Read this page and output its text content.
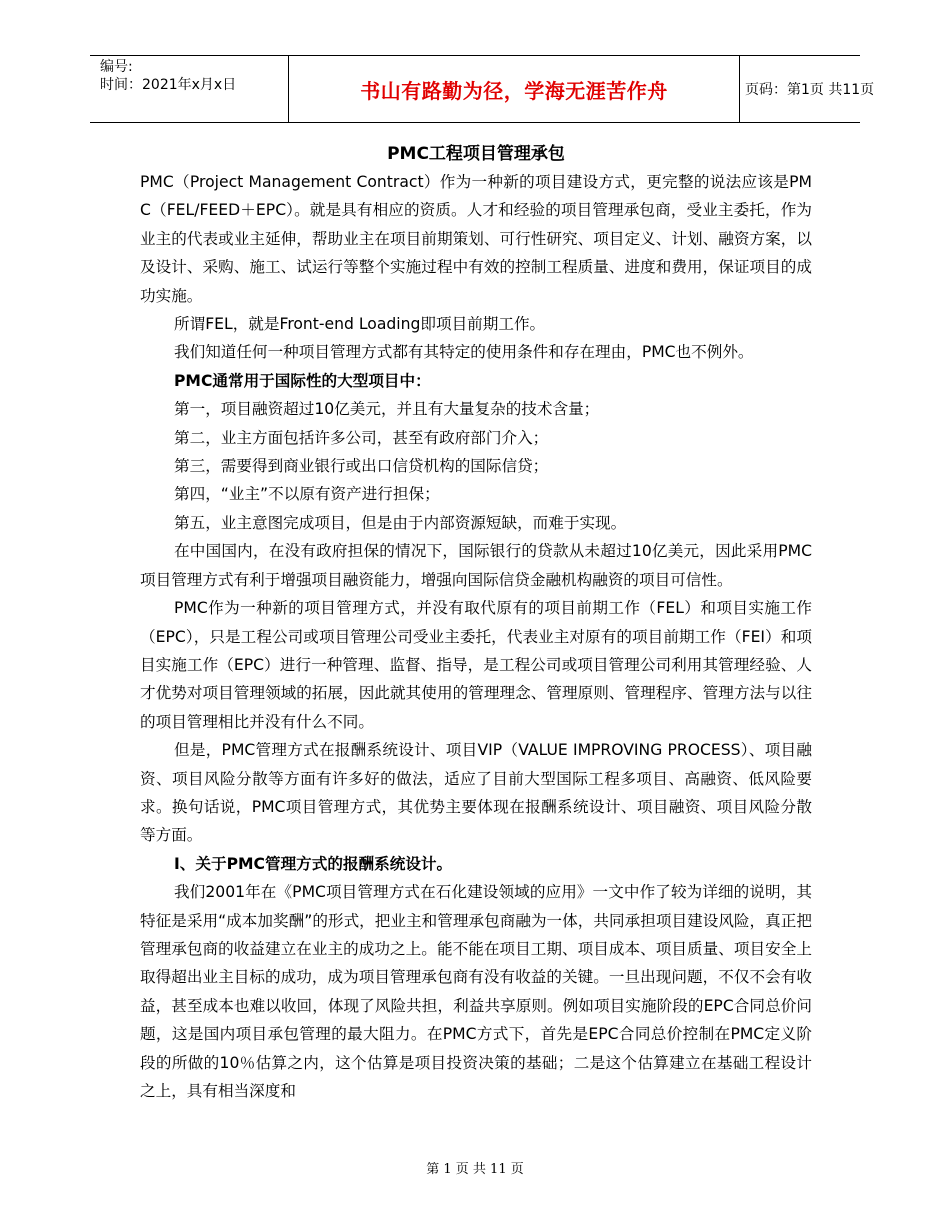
编号:
时间：2021年x月x日	书山有路勤为径，学海无涯苦作舟	页码：第1页 共11页
PMC工程项目管理承包

PMC（Project Management Contract）作为一种新的项目建设方式，更完整的说法应该是PMC（FEL/FEED＋EPC）。就是具有相应的资质。人才和经验的项目管理承包商，受业主委托，作为业主的代表或业主延伸，帮助业主在项目前期策划、可行性研究、项目定义、计划、融资方案，以及设计、采购、施工、试运行等整个实施过程中有效的控制工程质量、进度和费用，保证项目的成功实施。

所谓FEL，就是Front-end Loading即项目前期工作。

我们知道任何一种项目管理方式都有其特定的使用条件和存在理由，PMC也不例外。

PMC通常用于国际性的大型项目中：

第一，项目融资超过10亿美元，并且有大量复杂的技术含量；

第二，业主方面包括许多公司，甚至有政府部门介入；

第三，需要得到商业银行或出口信贷机构的国际信贷；

第四，“业主”不以原有资产进行担保；

第五，业主意图完成项目，但是由于内部资源短缺，而难于实现。

在中国国内，在没有政府担保的情况下，国际银行的贷款从未超过10亿美元，因此采用PMC项目管理方式有利于增强项目融资能力，增强向国际信贷金融机构融资的项目可信性。

PMC作为一种新的项目管理方式，并没有取代原有的项目前期工作（FEL）和项目实施工作（EPC），只是工程公司或项目管理公司受业主委托，代表业主对原有的项目前期工作（FEI）和项目实施工作（EPC）进行一种管理、监督、指导，是工程公司或项目管理公司利用其管理经验、人才优势对项目管理领域的拓展，因此就其使用的管理理念、管理原则、管理程序、管理方法与以往的项目管理相比并没有什么不同。

但是，PMC管理方式在报酬系统设计、项目VIP（VALUE IMPROVING PROCESS）、项目融资、项目风险分散等方面有许多好的做法，适应了目前大型国际工程多项目、高融资、低风险要求。换句话说，PMC项目管理方式，其优势主要体现在报酬系统设计、项目融资、项目风险分散等方面。

I、关于PMC管理方式的报酬系统设计。

我们2001年在《PMC项目管理方式在石化建设领域的应用》一文中作了较为详细的说明，其特征是采用“成本加奖酬”的形式，把业主和管理承包商融为一体，共同承担项目建设风险，真正把管理承包商的收益建立在业主的成功之上。能不能在项目工期、项目成本、项目质量、项目安全上取得超出业主目标的成功，成为项目管理承包商有没有收益的关键。一旦出现问题，不仅不会有收益，甚至成本也难以收回，体现了风险共担，利益共享原则。例如项目实施阶段的EPC合同总价问题，这是国内项目承包管理的最大阻力。在PMC方式下，首先是EPC合同总价控制在PMC定义阶段的所做的10％估算之内，这个估算是项目投资决策的基础；二是这个估算建立在基础工程设计之上，具有相当深度和

第 1 页 共 11 页
